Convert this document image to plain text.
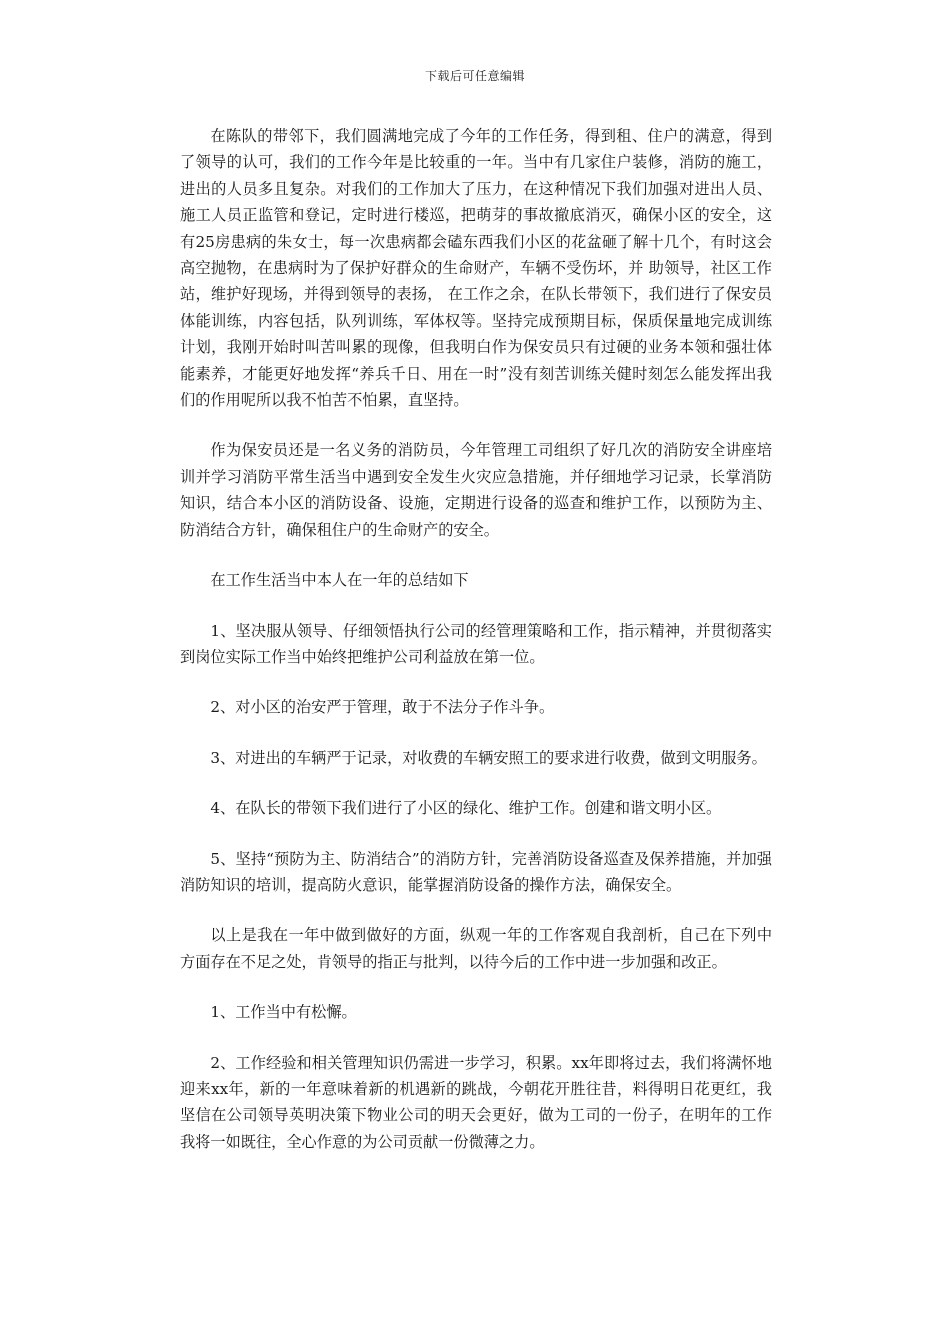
下载后可任意编辑

在陈队的带邻下，我们圆满地完成了今年的工作任务，得到租、住户的满意，得到了领导的认可，我们的工作今年是比较重的一年。当中有几家住户装修，消防的施工，进出的人员多且复杂。对我们的工作加大了压力，在这种情况下我们加强对进出人员、施工人员正监管和登记，定时进行楼巡，把萌芽的事故撤底消灭，确保小区的安全，这有25房患病的朱女士，每一次患病都会磕东西我们小区的花盆砸了解十几个，有时这会高空抛物，在患病时为了保护好群众的生命财产，车辆不受伤坏，并 助领导，社区工作站，维护好现场，并得到领导的表扬， 在工作之余，在队长带领下，我们进行了保安员体能训练，内容包括，队列训练，军体权等。坚持完成预期目标，保质保量地完成训练计划，我刚开始时叫苦叫累的现像，但我明白作为保安员只有过硬的业务本领和强壮体能素养，才能更好地发挥“养兵千日、用在一时”没有刻苦训练关健时刻怎么能发挥出我们的作用呢所以我不怕苦不怕累，直坚持。

作为保安员还是一名义务的消防员，今年管理工司组织了好几次的消防安全讲座培训并学习消防平常生活当中遇到安全发生火灾应急措施，并仔细地学习记录，长掌消防知识，结合本小区的消防设备、设施，定期进行设备的巡查和维护工作，以预防为主、防消结合方针，确保租住户的生命财产的安全。

在工作生活当中本人在一年的总结如下

1、坚决服从领导、仔细领悟执行公司的经管理策略和工作，指示精神，并贯彻落实到岗位实际工作当中始终把维护公司利益放在第一位。

2、对小区的治安严于管理，敢于不法分子作斗争。

3、对进出的车辆严于记录，对收费的车辆安照工的要求进行收费，做到文明服务。

4、在队长的带领下我们进行了小区的绿化、维护工作。创建和谐文明小区。

5、坚持“预防为主、防消结合”的消防方针，完善消防设备巡查及保养措施，并加强消防知识的培训，提高防火意识，能掌握消防设备的操作方法，确保安全。

以上是我在一年中做到做好的方面，纵观一年的工作客观自我剖析，自己在下列中方面存在不足之处，肯领导的指正与批判，以待今后的工作中进一步加强和改正。

1、工作当中有松懈。

2、工作经验和相关管理知识仍需进一步学习，积累。xx年即将过去，我们将满怀地迎来xx年，新的一年意味着新的机遇新的跳战，今朝花开胜往昔，料得明日花更红，我坚信在公司领导英明决策下物业公司的明天会更好，做为工司的一份子，在明年的工作我将一如既往，全心作意的为公司贡献一份微薄之力。
